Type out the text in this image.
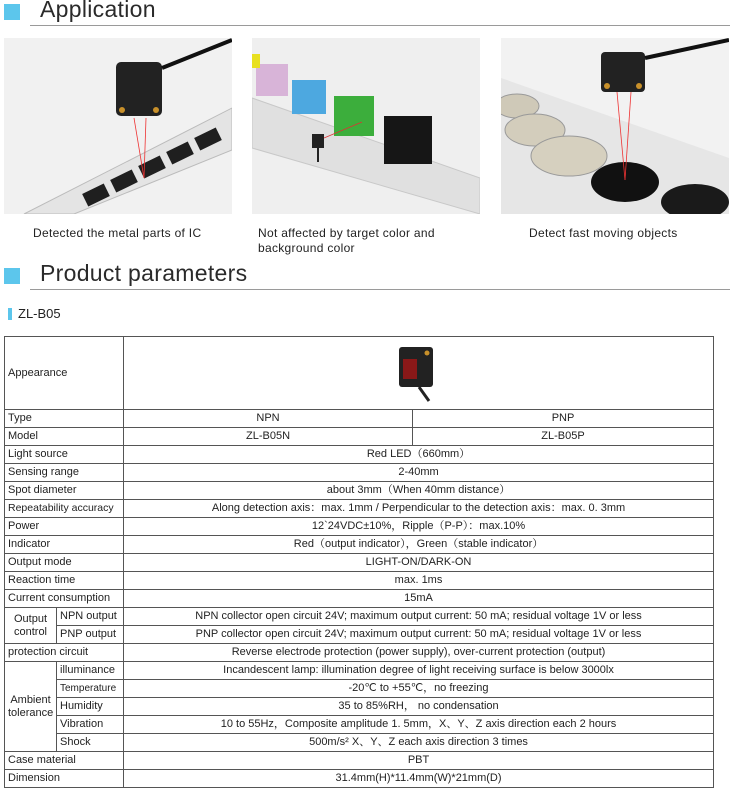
Application
Detected the metal parts of IC	Not affected by target color and background color
Detect fast moving objects
Product parameters
ZL-B05
Appearance	

Type		NPN	PNP
Model		ZL-B05N	ZL-B05P
Light source		Red LED（660mm）	
Sensing range		2-40mm	
Spot diameter		about 3mm（When 40mm distance）	
Repeatability accuracy		Along detection axis：max. 1mm / Perpendicular to the detection axis：max. 0. 3mm	
Power		12`24VDC±10%，Ripple（P-P）：max.10%	
Indicator		Red（output indicator），Green（stable indicator）	
Output mode		LIGHT-ON/DARK-ON	
Reaction time		max. 1ms	
Current consumption		15mA	
Output control	NPN output	NPN collector open circuit 24V; maximum output current: 50 mA; residual voltage 1V or less	
	PNP output	PNP collector open circuit 24V; maximum output current: 50 mA; residual voltage 1V or less	
protection circuit		Reverse electrode protection (power supply), over-current protection (output)	
Ambient tolerance	illuminance	Incandescent lamp: illumination degree of light receiving surface is below 3000lx	
	Temperature	-20℃ to +55℃，no freezing	
	Humidity	35 to 85%RH， no condensation	
	Vibration	10 to 55Hz，Composite amplitude 1. 5mm，X、Y、Z axis direction each 2 hours	
	Shock	500m/s² X、Y、Z each axis direction 3 times	
Case material		PBT	
Dimension		31.4mm(H)*11.4mm(W)*21mm(D)	
